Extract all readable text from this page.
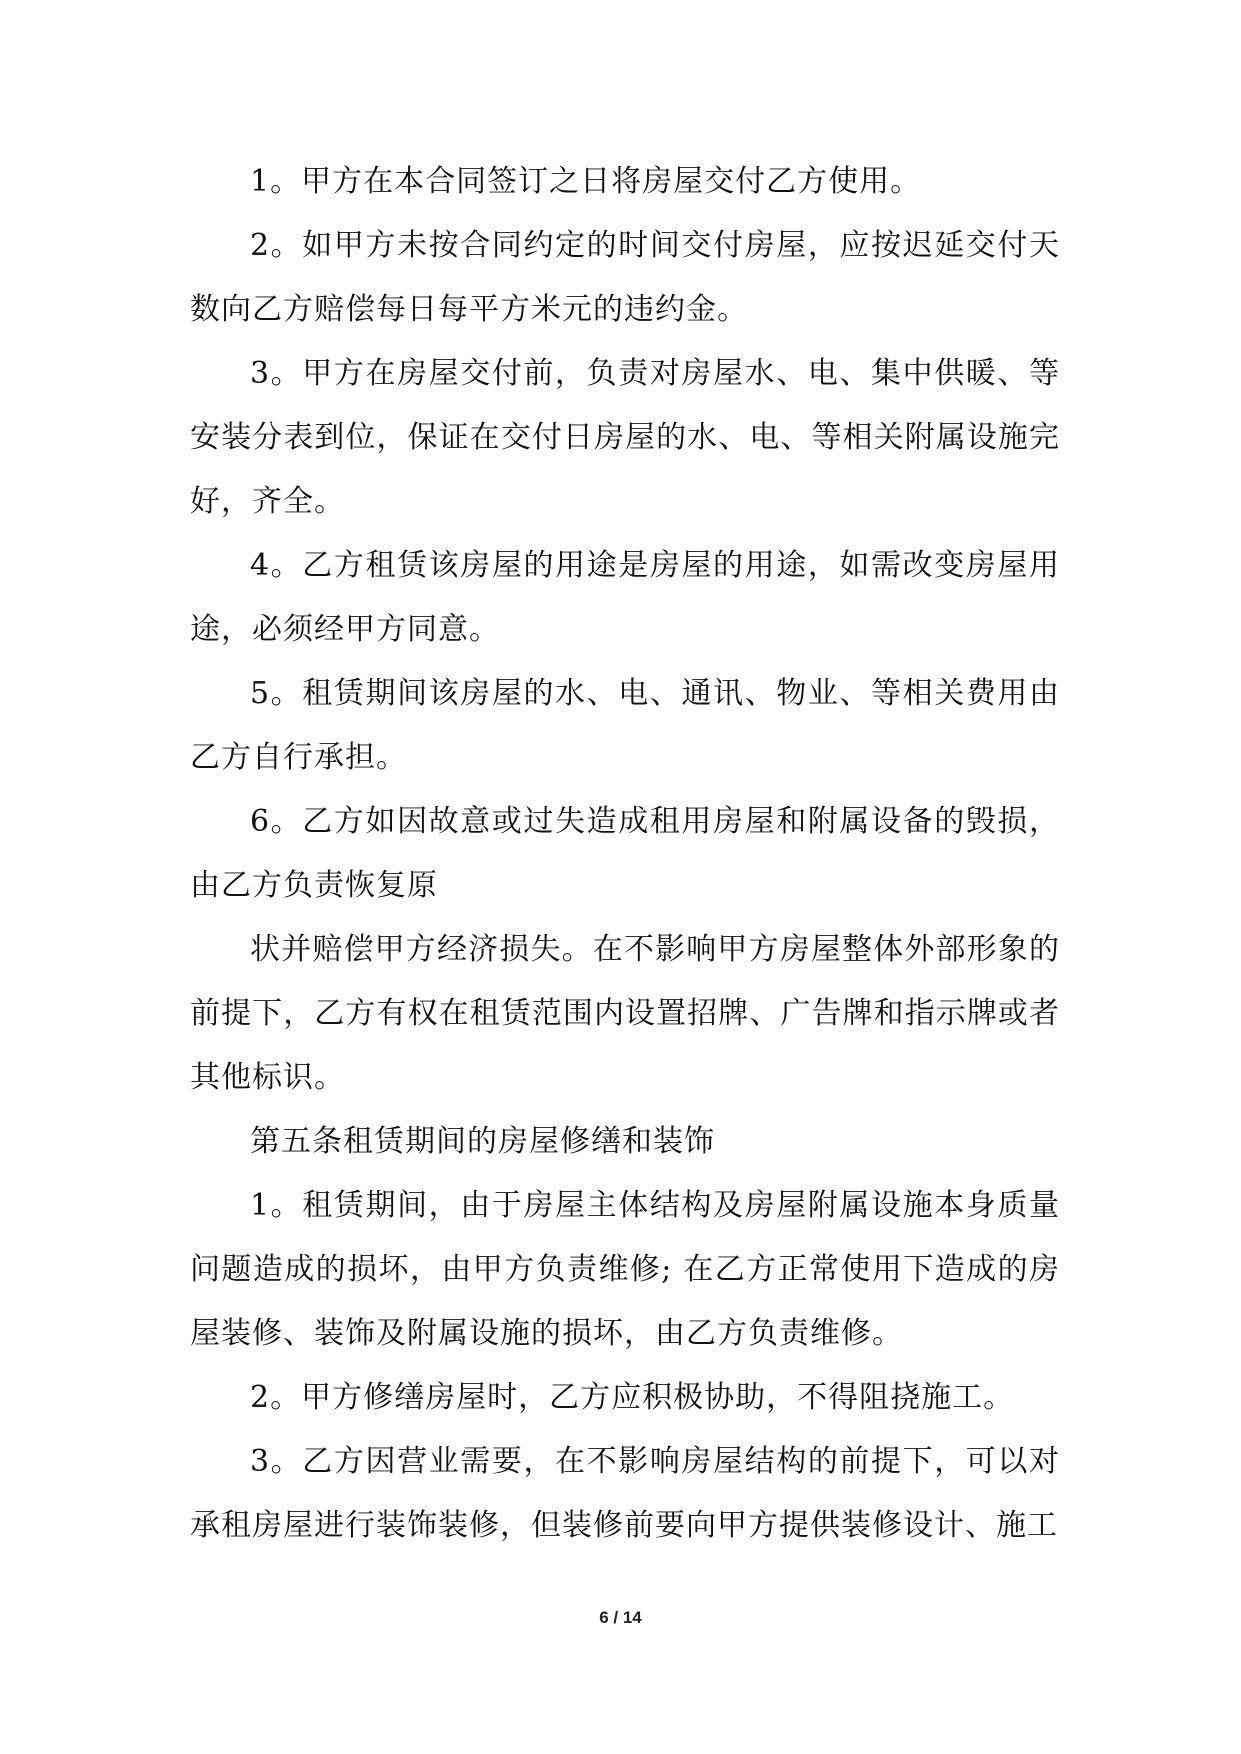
1。甲方在本合同签订之日将房屋交付乙方使用。

2。如甲方未按合同约定的时间交付房屋，应按迟延交付天数向乙方赔偿每日每平方米元的违约金。

3。甲方在房屋交付前，负责对房屋水、电、集中供暖、等安装分表到位，保证在交付日房屋的水、电、等相关附属设施完好，齐全。

4。乙方租赁该房屋的用途是房屋的用途，如需改变房屋用途，必须经甲方同意。

5。租赁期间该房屋的水、电、通讯、物业、等相关费用由乙方自行承担。

6。乙方如因故意或过失造成租用房屋和附属设备的毁损，由乙方负责恢复原

状并赔偿甲方经济损失。在不影响甲方房屋整体外部形象的前提下，乙方有权在租赁范围内设置招牌、广告牌和指示牌或者其他标识。

第五条租赁期间的房屋修缮和装饰

1。租赁期间，由于房屋主体结构及房屋附属设施本身质量问题造成的损坏，由甲方负责维修; 在乙方正常使用下造成的房屋装修、装饰及附属设施的损坏，由乙方负责维修。

2。甲方修缮房屋时，乙方应积极协助，不得阻挠施工。

3。乙方因营业需要，在不影响房屋结构的前提下，可以对承租房屋进行装饰装修，但装修前要向甲方提供装修设计、施工

6 / 14
